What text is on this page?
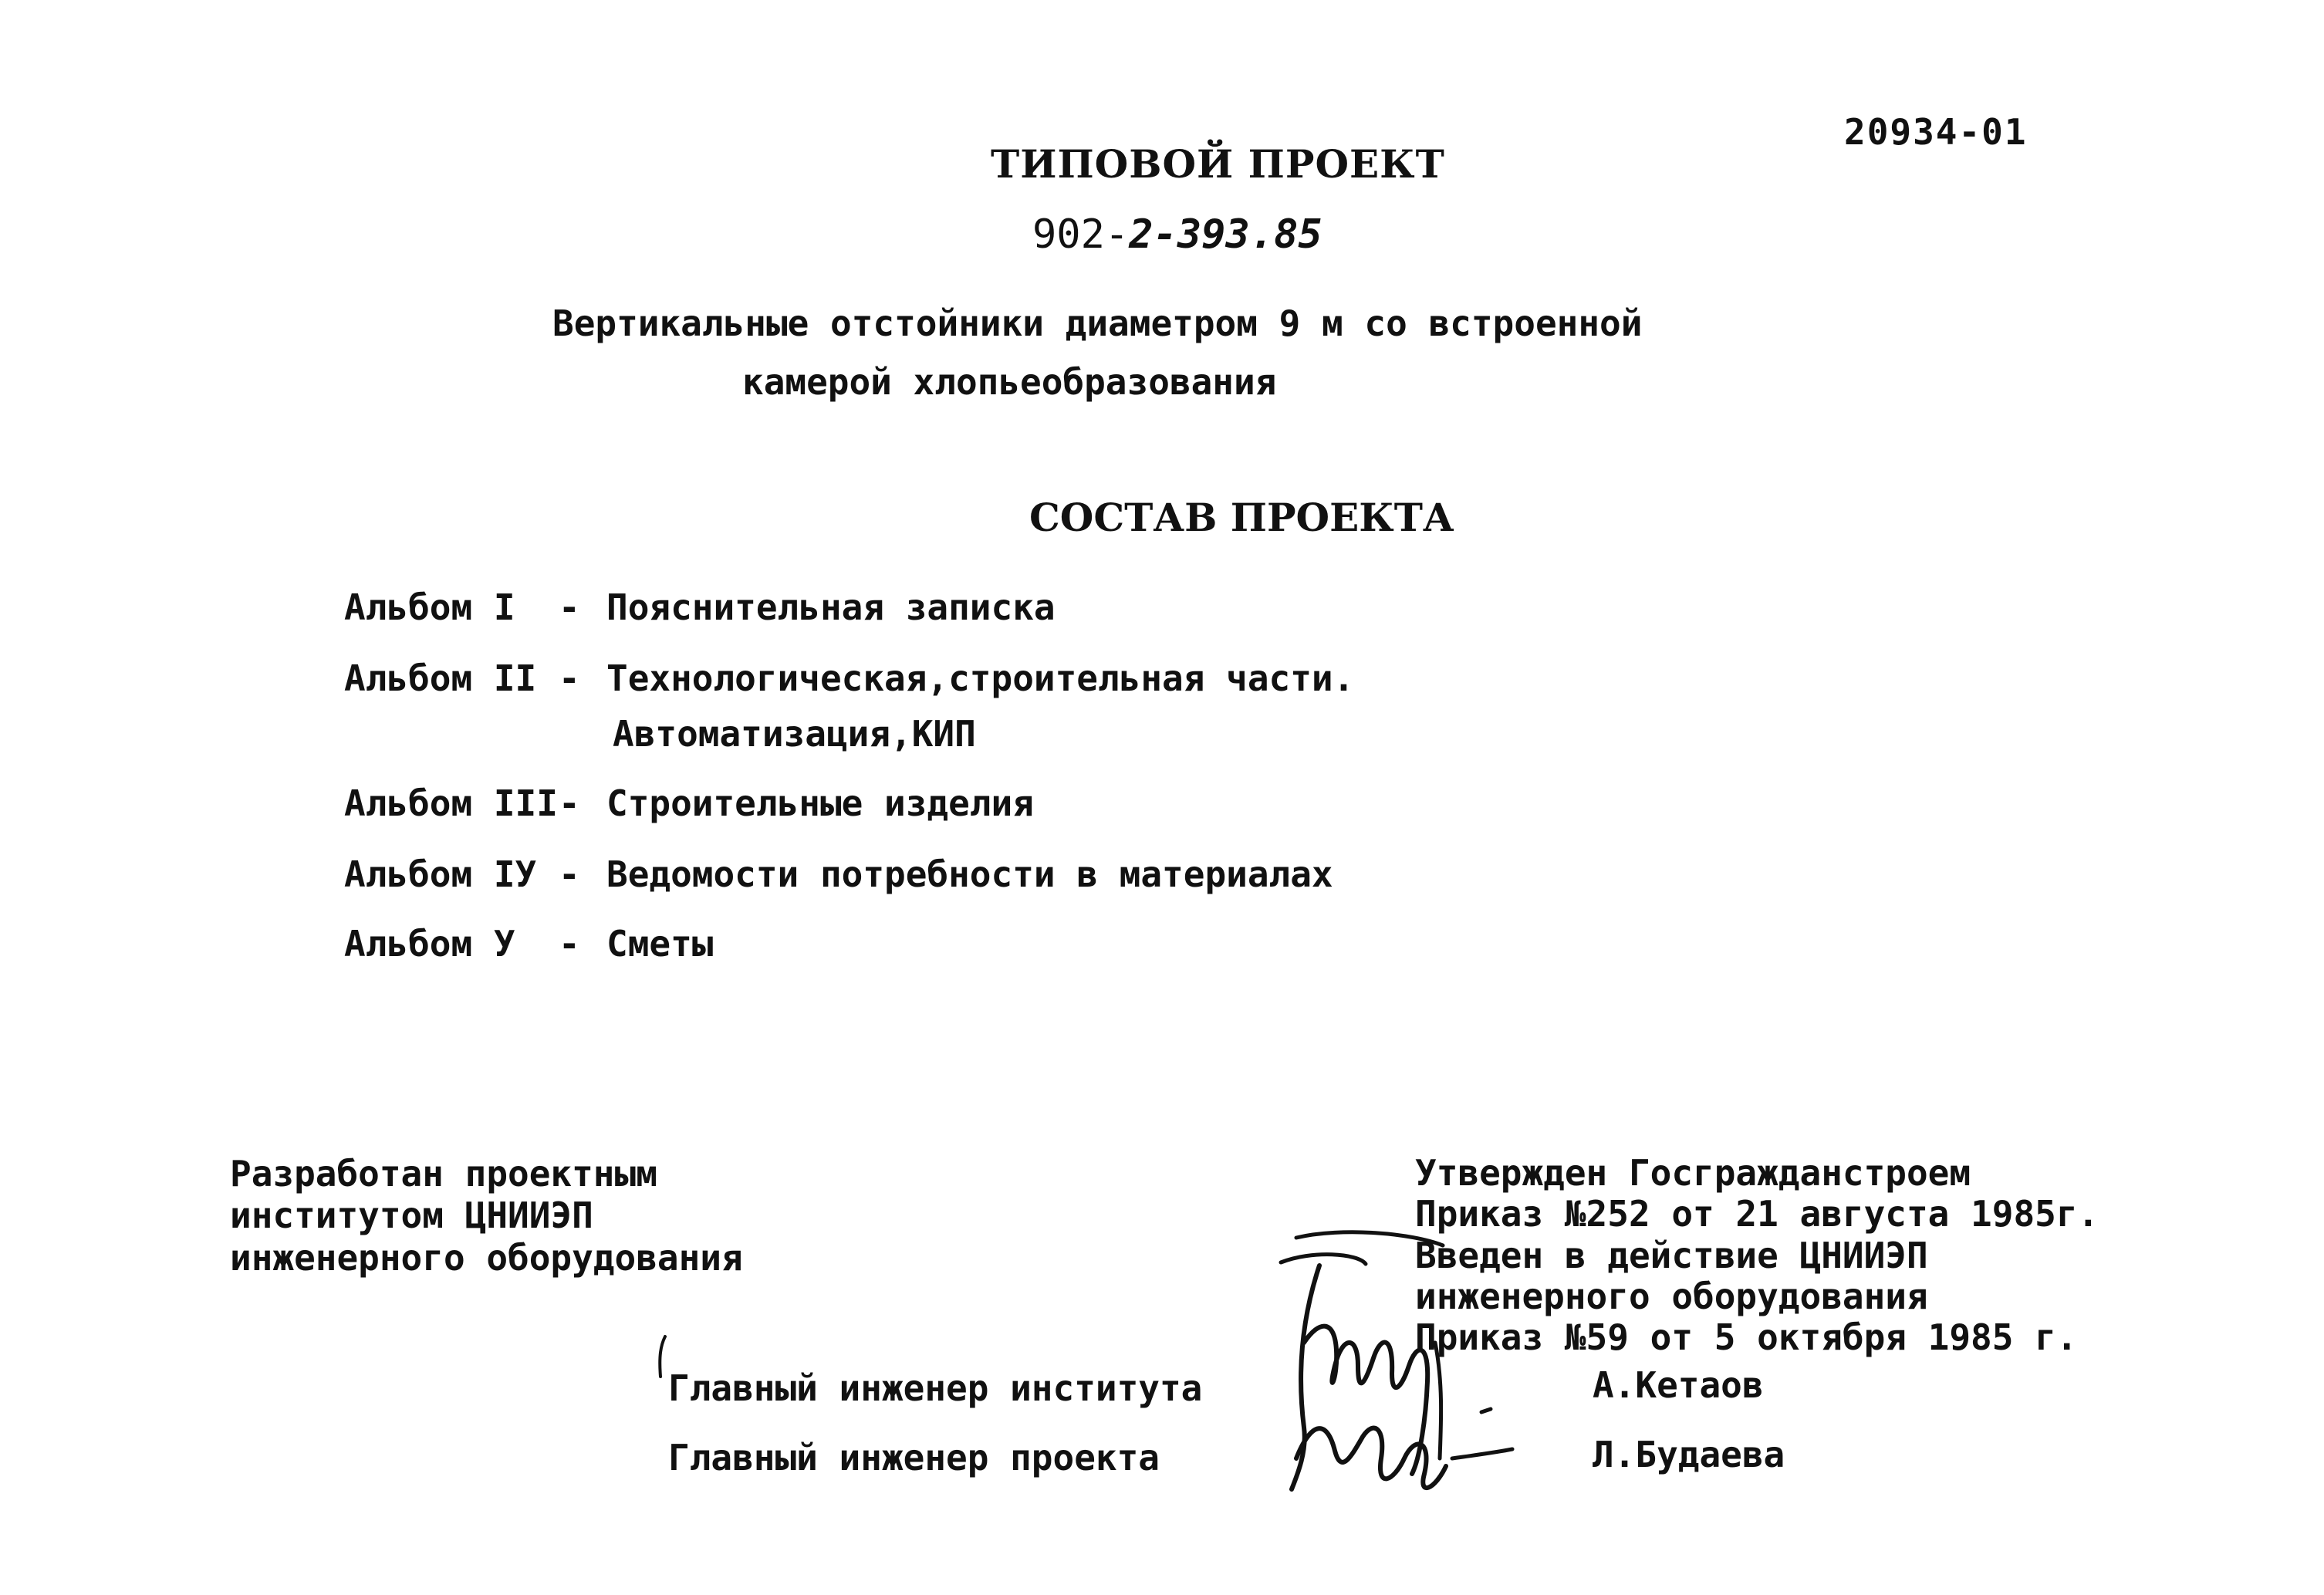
20934-01
ТИПОВОЙ ПРОЕКТ
902-2-393.85
Вертикальные отстойники диаметром 9 м со встроенной
камерой хлопьеобразования
СОСТАВ ПРОЕКТА
Альбом I - Пояснительная записка
Альбом II - Технологическая,строительная части.
Автоматизация,КИП
Альбом III- Строительные изделия
Альбом IУ - Ведомости потребности в материалах
Альбом У - Сметы
Разработан проектным
институтом ЦНИИЭП
инженерного оборудования
Утвержден Госгражданстроем
Приказ №252 от 21 августа 1985г.
Введен в действие ЦНИИЭП
инженерного оборудования
Приказ №59 от 5 октября 1985 г.
Главный инженер института
Главный инженер проекта
А.Кетаов
Л.Будаева
